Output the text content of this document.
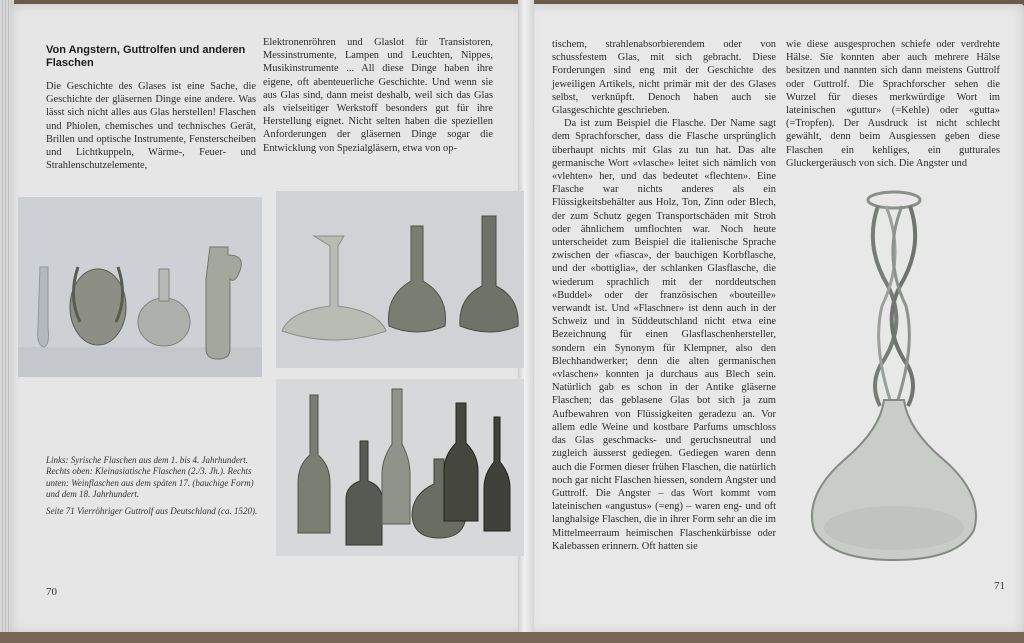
Von Angstern, Guttrolfen und anderen Flaschen

Die Geschichte des Glases ist eine Sache, die Geschichte der gläsernen Dinge eine andere. Was lässt sich nicht alles aus Glas herstellen! Flaschen und Phiolen, chemisches und technisches Gerät, Brillen und optische Instrumente, Fensterscheiben und Lichtkuppeln, Wärme-, Feuer- und Strahlenschutzelemente,

Elektronenröhren und Glaslot für Transistoren, Messinstrumente, Lampen und Leuchten, Nippes, Musikinstrumente ... All diese Dinge haben ihre eigene, oft abenteuerliche Geschichte. Und wenn sie aus Glas sind, dann meist deshalb, weil sich das Glas als vielseitiger Werkstoff besonders gut für ihre Herstellung eignet. Nicht selten haben die speziellen Anforderungen der gläsernen Dinge sogar die Entwicklung von Spezialgläsern, etwa von op-

Links: Syrische Flaschen aus dem 1. bis 4. Jahrhundert. Rechts oben: Kleinasiatische Flaschen (2./3. Jh.). Rechts unten: Weinflaschen aus dem späten 17. (bauchige Form) und dem 18. Jahrhundert.

Seite 71 Vierröhriger Guttrolf aus Deutschland (ca. 1520).

70

tischem, strahlenabsorbierendem oder von schussfestem Glas, mit sich gebracht. Diese Forderungen sind eng mit der Geschichte des jeweiligen Artikels, nicht primär mit der des Glases selbst, verknüpft. Denoch haben auch sie Glasgeschichte geschrieben.

Da ist zum Beispiel die Flasche. Der Name sagt dem Sprachforscher, dass die Flasche ursprünglich überhaupt nichts mit Glas zu tun hat. Das alte germanische Wort «vlasche» leitet sich nämlich von «vlehten» her, und das bedeutet «flechten». Eine Flasche war nichts anderes als ein Flüssigkeitsbehälter aus Holz, Ton, Zinn oder Blech, der zum Schutz gegen Transportschäden mit Stroh oder ähnlichem umflochten war. Noch heute unterscheidet zum Beispiel die italienische Sprache zwischen der «fiasca», der bauchigen Korbflasche, und der «bottiglia», der schlanken Glasflasche, die wiederum sprachlich mit der norddeutschen «Buddel» oder der französischen «bouteille» verwandt ist. Und «Flaschner» ist denn auch in der Schweiz und in Süddeutschland nicht etwa eine Bezeichnung für einen Glasflaschenhersteller, sondern ein Synonym für Klempner, also den Blechhandwerker; denn die alten germanischen «vlaschen» konnten ja durchaus aus Blech sein. Natürlich gab es schon in der Antike gläserne Flaschen; das geblasene Glas bot sich ja zum Aufbewahren von Flüssigkeiten geradezu an. Vor allem edle Weine und kostbare Parfums umschloss das Glas geschmacks- und geruchsneutral und zugleich äusserst gediegen. Gediegen waren denn auch die Formen dieser frühen Flaschen, die natürlich noch gar nicht Flaschen hiessen, sondern Angster und Guttrolf. Die Angster – das Wort kommt vom lateinischen «angustus» (=eng) – waren eng- und oft langhalsige Flaschen, die in ihrer Form sehr an die im Mittelmeerraum heimischen Flaschenkürbisse oder Kalebassen erinnern. Oft hatten sie

wie diese ausgesprochen schiefe oder verdrehte Hälse. Sie konnten aber auch mehrere Hälse besitzen und nannten sich dann meistens Guttrolf oder Guttrolf. Die Sprachforscher sehen die Wurzel für dieses merkwürdige Wort im lateinischen «guttur» (=Kehle) oder «gutta» (=Tropfen). Der Ausdruck ist nicht schlecht gewählt, denn beim Ausgiessen geben diese Flaschen ein kehliges, ein gutturales Gluckergeräusch von sich. Die Angster und

71
